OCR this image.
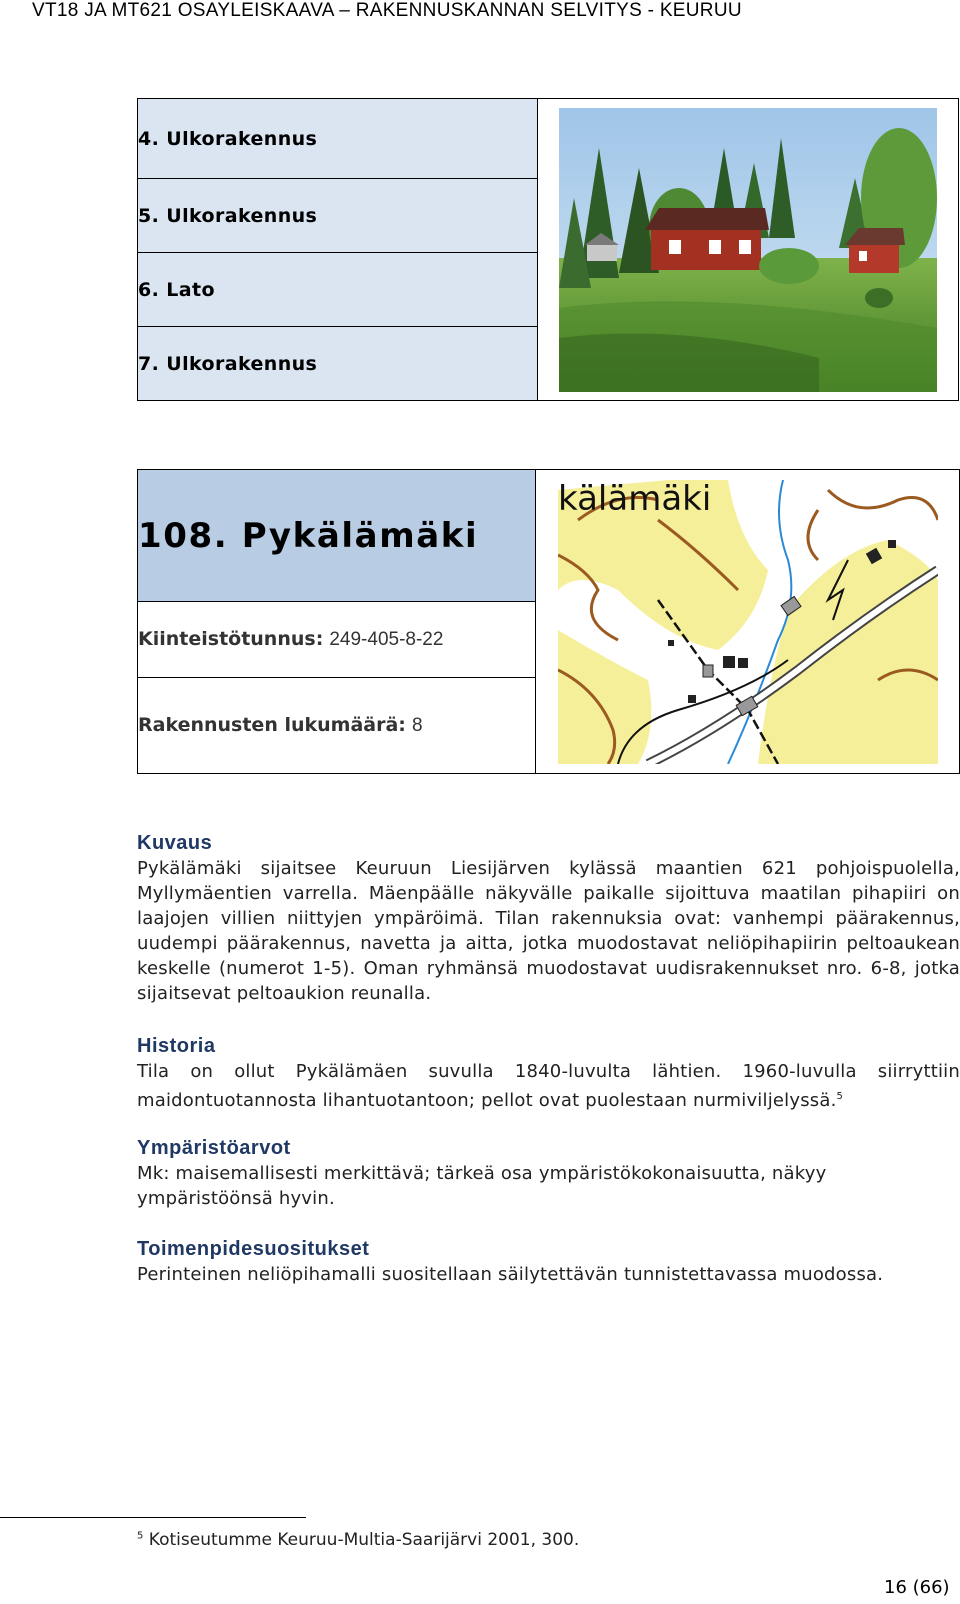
VT18 JA MT621 OSAYLEISKAAVA – RAKENNUSKANNAN SELVITYS - KEURUU
4. Ulkorakennus	

5. Ulkorakennus
6. Lato
7. Ulkorakennus
108. Pykälämäki	
kälämäki

Kiinteistötunnus: 249-405-8-22
Rakennusten lukumäärä: 8
Kuvaus
Pykälämäki sijaitsee Keuruun Liesijärven kylässä maantien 621 pohjoispuolella, Myllymäentien varrella. Mäenpäälle näkyvälle paikalle sijoittuva maatilan pihapiiri on laajojen villien niittyjen ympäröimä. Tilan rakennuksia ovat: vanhempi päärakennus, uudempi päärakennus, navetta ja aitta, jotka muodostavat neliöpihapiirin peltoaukean keskelle (numerot 1-5). Oman ryhmänsä muodostavat uudisrakennukset nro. 6-8, jotka sijaitsevat peltoaukion reunalla.
Historia
Tila on ollut Pykälämäen suvulla 1840-luvulta lähtien. 1960-luvulla siirryttiin maidontuotannosta lihantuotantoon; pellot ovat puolestaan nurmiviljelyssä.$^5$
Ympäristöarvot
Mk: maisemallisesti merkittävä; tärkeä osa ympäristökokonaisuutta, näkyy ympäristöönsä hyvin.
Toimenpidesuositukset
Perinteinen neliöpihamalli suositellaan säilytettävän tunnistettavassa muodossa.
$^5$ Kotiseutumme Keuruu-Multia-Saarijärvi 2001, 300.
16 (66)
